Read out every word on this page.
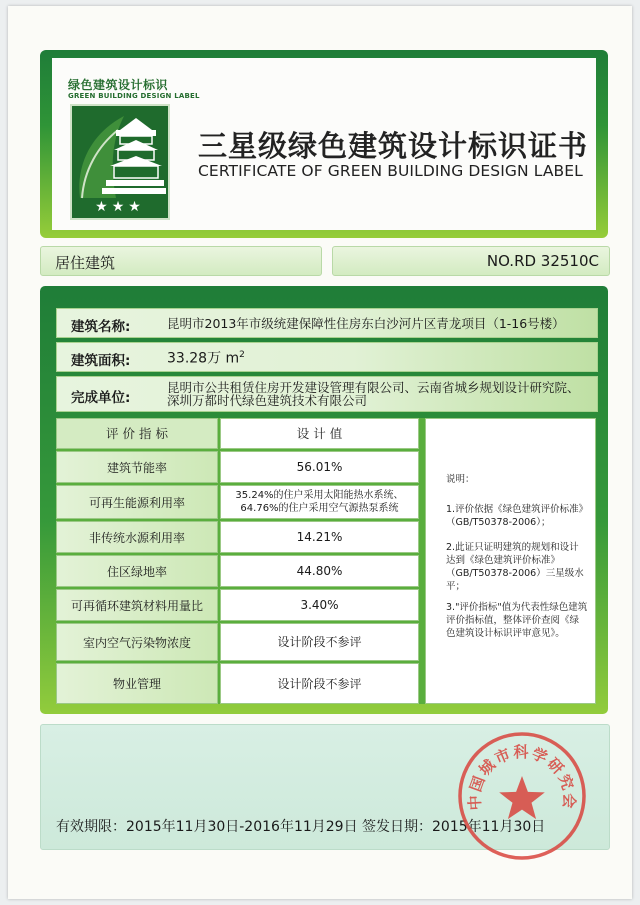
绿色建筑设计标识
GREEN BUILDING DESIGN LABEL
★★★
三星级绿色建筑设计标识证书
CERTIFICATE OF GREEN BUILDING DESIGN LABEL
居住建筑	NO.RD 32510C
建筑名称:	昆明市2013年市级统建保障性住房东白沙河片区青龙项目（1-16号楼）
建筑面积:	33.28万 $m^2$
完成单位:
昆明市公共租赁住房开发建设管理有限公司、云南省城乡规划设计研究院、
深圳万都时代绿色建筑技术有限公司
评 价 指 标	设 计 值
建筑节能率	56.01%
可再生能源利用率	35.24%的住户采用太阳能热水系统、
64.76%的住户采用空气源热泵系统
非传统水源利用率	14.21%
住区绿地率	44.80%
可再循环建筑材料用量比	3.40%
室内空气污染物浓度	设计阶段不参评
物业管理	设计阶段不参评
说明：
1.评价依据《绿色建筑评价标准》（GB/T50378-2006）；
2.此证只证明建筑的规划和设计达到《绿色建筑评价标准》（GB/T50378-2006）三星级水平；
3."评价指标"值为代表性绿色建筑评价指标值，整体评价查阅《绿色建筑设计标识评审意见》。
有效期限：2015年11月30日-2016年11月29日 签发日期：2015年11月30日
中国城市科学研究会
